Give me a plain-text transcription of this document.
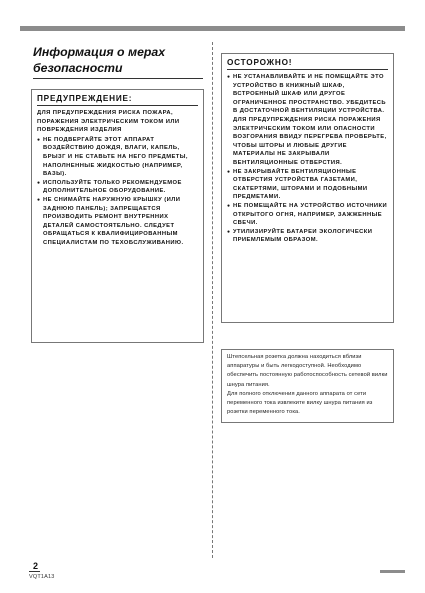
Информация о мерах безопасности
ПРЕДУПРЕЖДЕНИЕ:
ДЛЯ ПРЕДУПРЕЖДЕНИЯ РИСКА ПОЖАРА, ПОРАЖЕНИЯ ЭЛЕКТРИЧЕСКИМ ТОКОМ ИЛИ ПОВРЕЖДЕНИЯ ИЗДЕЛИЯ
● НЕ ПОДВЕРГАЙТЕ ЭТОТ АППАРАТ ВОЗДЕЙСТВИЮ ДОЖДЯ, ВЛАГИ, КАПЕЛЬ, БРЫЗГ И НЕ СТАВЬТЕ НА НЕГО ПРЕДМЕТЫ, НАПОЛНЕННЫЕ ЖИДКОСТЬЮ (НАПРИМЕР, ВАЗЫ).
● ИСПОЛЬЗУЙТЕ ТОЛЬКО РЕКОМЕНДУЕМОЕ ДОПОЛНИТЕЛЬНОЕ ОБОРУДОВАНИЕ.
● НЕ СНИМАЙТЕ НАРУЖНУЮ КРЫШКУ (ИЛИ ЗАДНЮЮ ПАНЕЛЬ); ЗАПРЕЩАЕТСЯ ПРОИЗВОДИТЬ РЕМОНТ ВНУТРЕННИХ ДЕТАЛЕЙ САМОСТОЯТЕЛЬНО. СЛЕДУЕТ ОБРАЩАТЬСЯ К КВАЛИФИЦИРОВАННЫМ СПЕЦИАЛИСТАМ ПО ТЕХОБСЛУЖИВАНИЮ.
ОСТОРОЖНО!
● НЕ УСТАНАВЛИВАЙТЕ И НЕ ПОМЕЩАЙТЕ ЭТО УСТРОЙСТВО В КНИЖНЫЙ ШКАФ, ВСТРОЕННЫЙ ШКАФ ИЛИ ДРУГОЕ ОГРАНИЧЕННОЕ ПРОСТРАНСТВО. УБЕДИТЕСЬ В ДОСТАТОЧНОЙ ВЕНТИЛЯЦИИ УСТРОЙСТВА. ДЛЯ ПРЕДУПРЕЖДЕНИЯ РИСКА ПОРАЖЕНИЯ ЭЛЕКТРИЧЕСКИМ ТОКОМ ИЛИ ОПАСНОСТИ ВОЗГОРАНИЯ ВВИДУ ПЕРЕГРЕВА ПРОВЕРЬТЕ, ЧТОБЫ ШТОРЫ И ЛЮБЫЕ ДРУГИЕ МАТЕРИАЛЫ НЕ ЗАКРЫВАЛИ ВЕНТИЛЯЦИОННЫЕ ОТВЕРСТИЯ.
● НЕ ЗАКРЫВАЙТЕ ВЕНТИЛЯЦИОННЫЕ ОТВЕРСТИЯ УСТРОЙСТВА ГАЗЕТАМИ, СКАТЕРТЯМИ, ШТОРАМИ И ПОДОБНЫМИ ПРЕДМЕТАМИ.
● НЕ ПОМЕЩАЙТЕ НА УСТРОЙСТВО ИСТОЧНИКИ ОТКРЫТОГО ОГНЯ, НАПРИМЕР, ЗАЖЖЕННЫЕ СВЕЧИ.
● УТИЛИЗИРУЙТЕ БАТАРЕИ ЭКОЛОГИЧЕСКИ ПРИЕМЛЕМЫМ ОБРАЗОМ.

Штепсельная розетка должна находиться вблизи аппаратуры и быть легкодоступной. Необходимо обеспечить постоянную работоспособность сетевой вилки шнура питания.

Для полного отключения данного аппарата от сети переменного тока извлеките вилку шнура питания из розетки переменного тока.

2
VQT1A13
